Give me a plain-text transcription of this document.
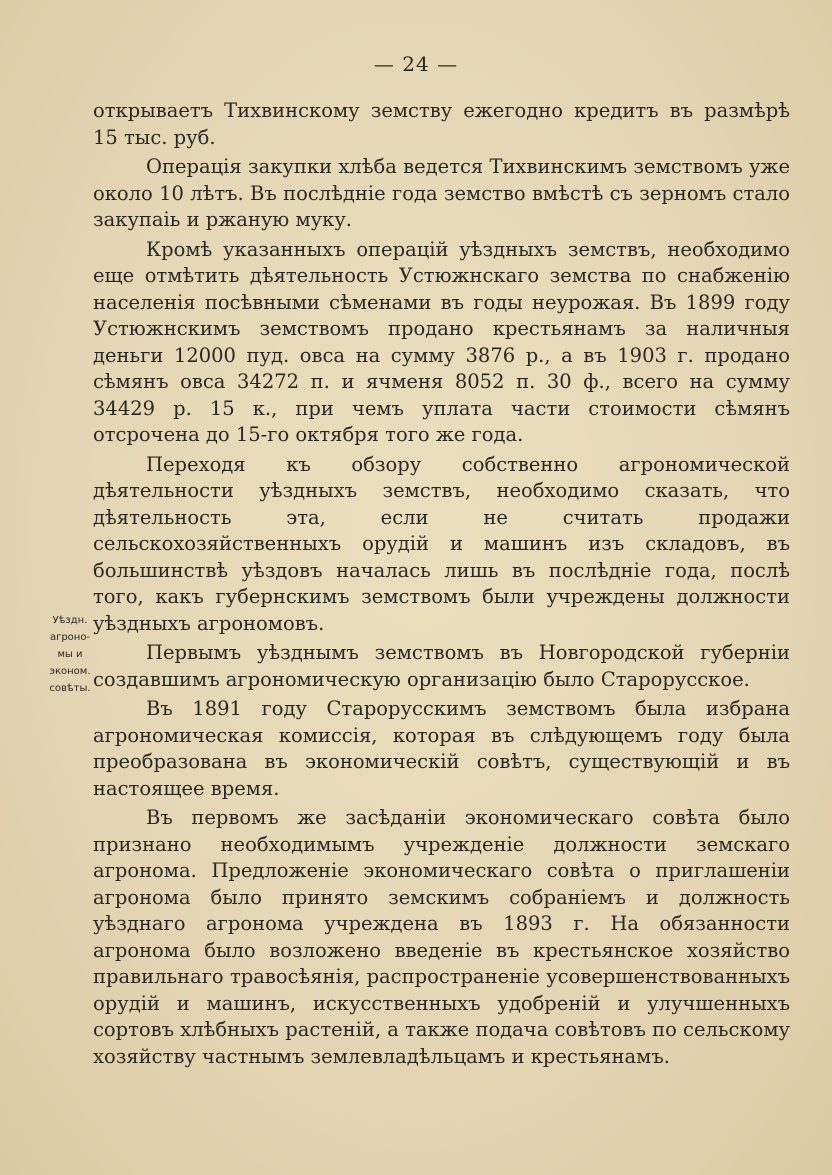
— 24 —
Уѣздн.
агроно-
мы и
эконом.
совѣты.

открываетъ Тихвинскому земству ежегодно кредитъ въ размѣрѣ 15 тыс. руб.

Операція закупки хлѣба ведется Тихвинскимъ земствомъ уже около 10 лѣтъ. Въ послѣдніе года земство вмѣстѣ съ зерномъ стало закупаіь и ржаную муку.

Кромѣ указанныхъ операцій уѣздныхъ земствъ, необходимо еще отмѣтить дѣятельность Устюжнскаго земства по снабженію населенія посѣвными сѣменами въ годы неурожая. Въ 1899 году Устюжнскимъ земствомъ продано крестьянамъ за наличныя деньги 12000 пуд. овса на сумму 3876 р., а въ 1903 г. продано сѣмянъ овса 34272 п. и ячменя 8052 п. 30 ф., всего на сумму 34429 р. 15 к., при чемъ уплата части стоимости сѣмянъ отсрочена до 15-го октября того же года.

Переходя къ обзору собственно агрономической дѣятельности уѣздныхъ земствъ, необходимо сказать, что дѣятельность эта, если не считать продажи сельскохозяйственныхъ орудій и машинъ изъ складовъ, въ большинствѣ уѣздовъ началась лишь въ послѣдніе года, послѣ того, какъ губернскимъ земствомъ были учреждены должности уѣздныхъ агрономовъ.

Первымъ уѣзднымъ земствомъ въ Новгородской губерніи создавшимъ агрономическую организацію было Старорусское.

Въ 1891 году Старорусскимъ земствомъ была избрана агрономическая комиссія, которая въ слѣдующемъ году была преобразована въ экономическій совѣтъ, существующій и въ настоящее время.

Въ первомъ же засѣданіи экономическаго совѣта было признано необходимымъ учрежденіе должности земскаго агронома. Предложеніе экономическаго совѣта о приглашеніи агронома было принято земскимъ собраніемъ и должность уѣзднаго агронома учреждена въ 1893 г. На обязанности агронома было возложено введеніе въ крестьянское хозяйство правильнаго травосѣянія, распространеніе усовершенствованныхъ орудій и машинъ, искусственныхъ удобреній и улучшенныхъ сортовъ хлѣбныхъ растеній, а также подача совѣтовъ по сельскому хозяйству частнымъ землевладѣльцамъ и крестьянамъ.
